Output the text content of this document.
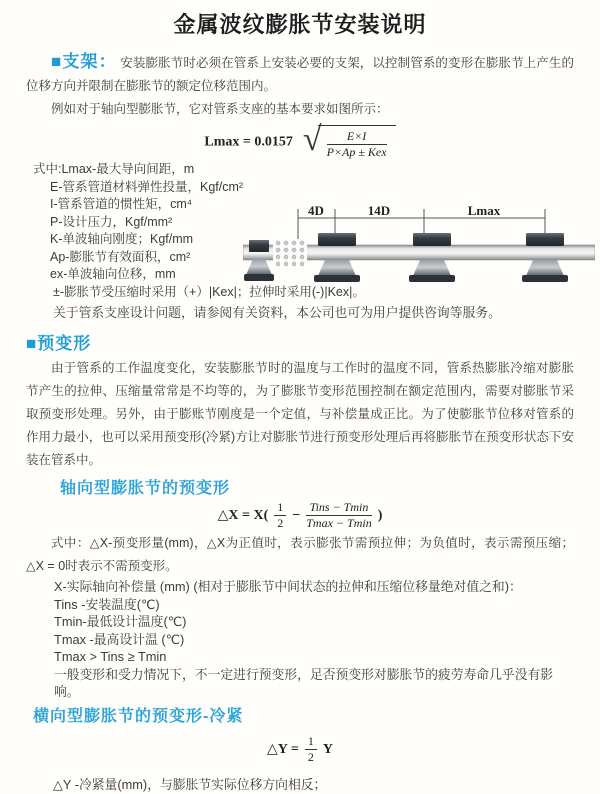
金属波纹膨胀节安装说明

■支架： 安装膨胀节时必须在管系上安装必要的支架，以控制管系的变形在膨胀节上产生的位移方向并限制在膨胀节的额定位移范围内。

例如对于轴向型膨胀节，它对管系支座的基本要求如图所示：

Lmax = 0.0157 √ $\frac{E\times I}{\text{P×Ap ± Kex}}$
式中:Lmax-最大导向间距，m
E-管系管道材料弹性投量，Kgf/cm²
I-管系管道的惯性矩，cm⁴
P-设计压力，Kgf/mm²
K-单波轴向刚度；Kgf/mm
Ap-膨胀节有效面积，cm²
ex-单波轴向位移，mm
±-膨胀节受压缩时采用（+）|Kex|；拉伸时采用(-)|Kex|。
关于管系支座设计问题，请参阅有关资料，本公司也可为用户提供咨询等服务。
4D	14D	Lmax
■预变形

由于管系的工作温度变化，安装膨胀节时的温度与工作时的温度不同，管系热膨胀冷缩对膨胀节产生的拉伸、压缩量常常是不均等的，为了膨胀节变形范围控制在额定范围内，需要对膨胀节采取预变形处理。另外，由于膨账节刚度是一个定值，与补偿量成正比。为了使膨胀节位移对管系的作用力最小，也可以采用预变形(冷紧)方让对膨胀节进行预变形处理后再将膨胀节在预变形状态下安装在管系中。

轴向型膨胀节的预变形
△X = $X( \frac{1}{2} - \frac{\text{Tins − Tmin}}{Tmax - Tmin}$ )

式中：△X-预变形量(mm)，△X为正值时，表示膨张节需预拉伸；为负值时，表示需预压缩；△X = 0时表示不需预变形。

X-实际轴向补偿量 (mm) (相对于膨胀节中间状态的拉伸和压缩位移量绝对值之和)：
Tins -安装温度(℃)
Tmin-最低设计温度(℃)
Tmax -最高设计温 (℃)
Tmax > Tins ≥ Tmin
一般变形和受力情况下，不一定进行预变形，足否预变形对膨胀节的疲劳寿命几乎没有影响。
横向型膨胀节的预变形-冷紧
△Y = $\frac{1}{2}$ Y
△Y -冷紧量(mm)，与膨胀节实际位移方向相反；
